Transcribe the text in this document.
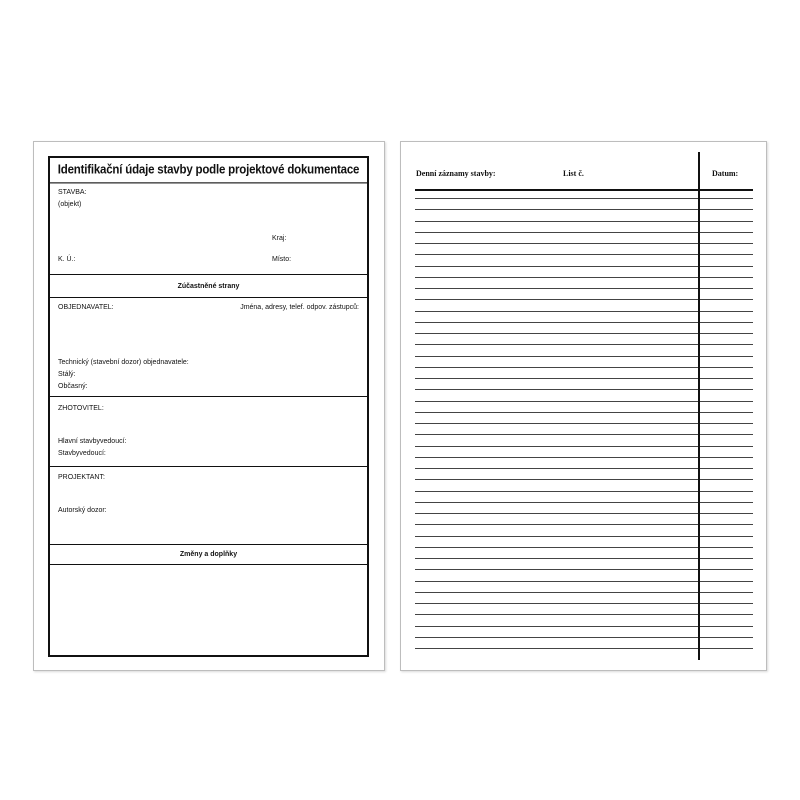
Identifikační údaje stavby podle projektové dokumentace
STAVBA:
(objekt)
Kraj:
K. Ú.:	Místo:
Zúčastněné strany
OBJEDNAVATEL:	Jména, adresy, telef. odpov. zástupců:
Technický (stavební dozor) objednavatele:
Stálý:
Občasný:
ZHOTOVITEL:
Hlavní stavbyvedoucí:
Stavbyvedoucí:
PROJEKTANT:
Autorský dozor:
Změny a doplňky
Denní záznamy stavby:	List č.	Datum:
